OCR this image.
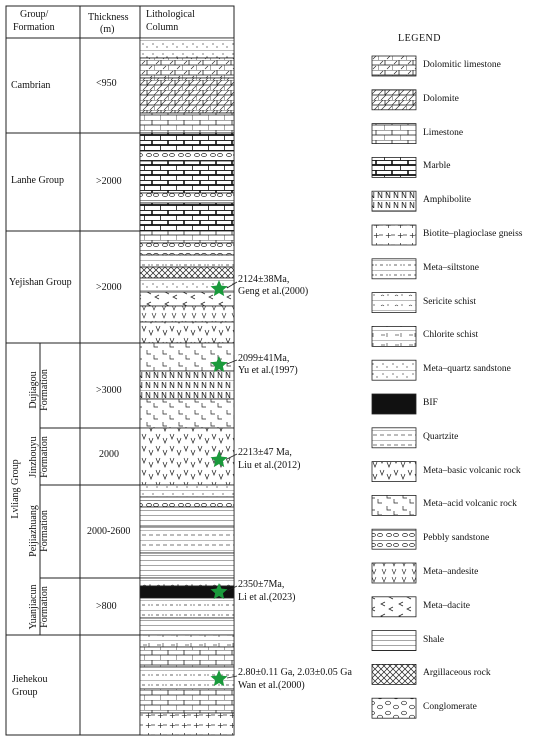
Group/
Formation
Thickness
(m)
Lithological
Column
Cambrian
Lanhe Group
Yejishan Group
Lvliang Group
Dujiagou Formation
Jinzhouyu Formation
Peijiazhuang Formation
Yuanjiacun Formation
Jiehekou
Group
<950
>2000
>2000
>3000
2000
2000-2600
>800
2124±38Ma,
Geng et al.(2000)
2099±41Ma,
Yu et al.(1997)
2213±47 Ma,
Liu et al.(2012)
2350±7Ma,
Li et al.(2023)
2.80±0.11 Ga, 2.03±0.05 Ga
Wan et al.(2000)
LEGEND
Dolomitic limestone
Dolomite
Limestone
Marble
Amphibolite
Biotite–plagioclase gneiss
Meta–siltstone
Sericite schist
Chlorite schist
Meta–quartz sandstone
BIF
Quartzite
Meta–basic volcanic rock
Meta–acid volcanic rock
Pebbly sandstone
Meta–andesite
Meta–dacite
Shale
Argillaceous rock
Conglomerate
